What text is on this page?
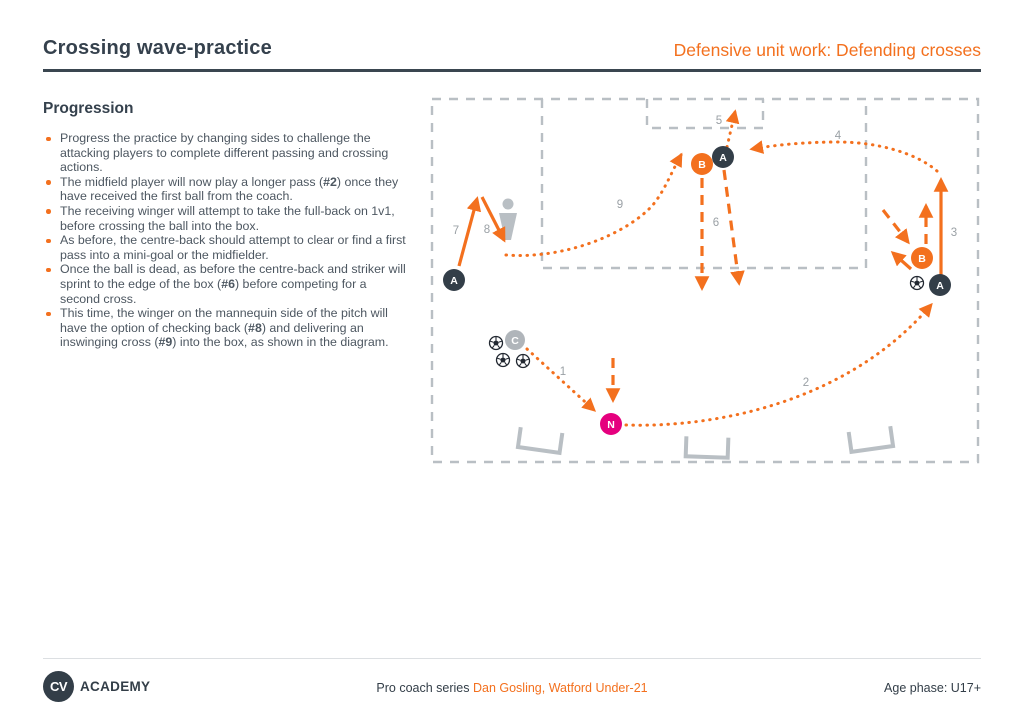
Crossing wave-practice	Defensive unit work: Defending crosses
Progression
Progress the practice by changing sides to challenge the attacking players to complete different passing and crossing actions.
The midfield player will now play a longer pass (#2) once they have received the first ball from the coach.
The receiving winger will attempt to take the full-back on 1v1, before crossing the ball into the box.
As before, the centre-back should attempt to clear or find a first pass into a mini-goal or the midfielder.
Once the ball is dead, as before the centre-back and striker will sprint to the edge of the box (#6) before competing for a second cross.
This time, the winger on the mannequin side of the pitch will have the option of checking back (#8) and delivering an inswinging cross (#9) into the box, as shown in the diagram.
1
2
3
4
5
6
7 8
9
A
B
A
B
A
C
N
CV ACADEMY	Pro coach series Dan Gosling, Watford Under-21	Age phase: U17+
